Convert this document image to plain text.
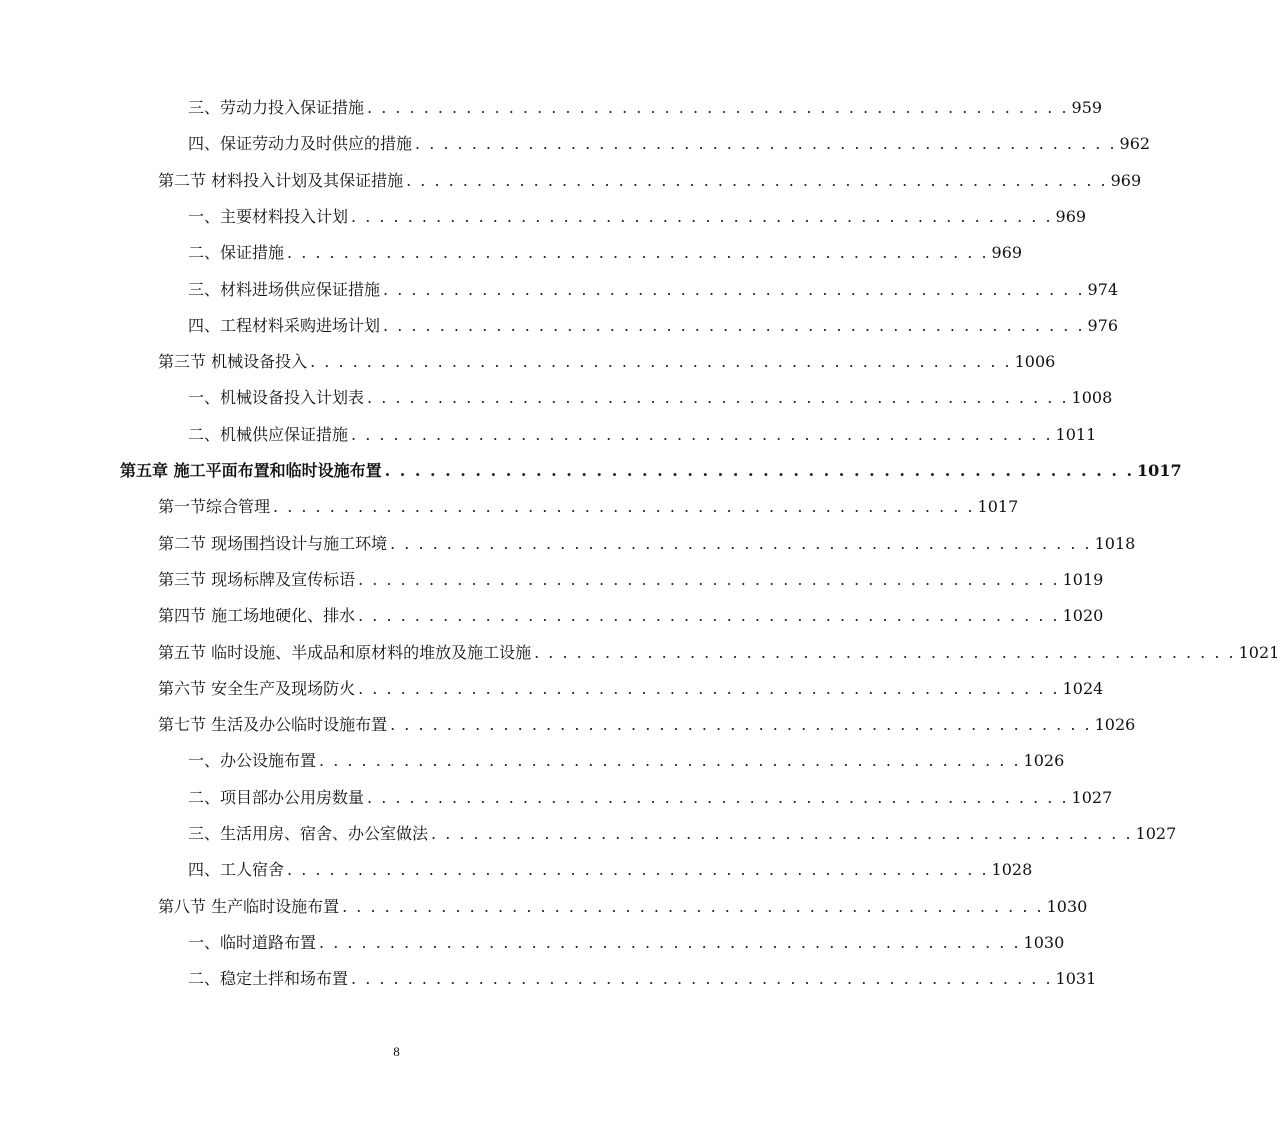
三、劳动力投入保证措施 . . . . . . . . . . . . . . . . . . . . . . . . . . . . . . . . . . . . . . . . . . . . . . . . . . 959
四、保证劳动力及时供应的措施 . . . . . . . . . . . . . . . . . . . . . . . . . . . . . . . . . . . . . . . . . . . . . . . . . . 962
第二节 材料投入计划及其保证措施 . . . . . . . . . . . . . . . . . . . . . . . . . . . . . . . . . . . . . . . . . . . . . . . . . . 969
一、主要材料投入计划 . . . . . . . . . . . . . . . . . . . . . . . . . . . . . . . . . . . . . . . . . . . . . . . . . . 969
二、保证措施 . . . . . . . . . . . . . . . . . . . . . . . . . . . . . . . . . . . . . . . . . . . . . . . . . . 969
三、材料进场供应保证措施 . . . . . . . . . . . . . . . . . . . . . . . . . . . . . . . . . . . . . . . . . . . . . . . . . . 974
四、工程材料采购进场计划 . . . . . . . . . . . . . . . . . . . . . . . . . . . . . . . . . . . . . . . . . . . . . . . . . . 976
第三节 机械设备投入 . . . . . . . . . . . . . . . . . . . . . . . . . . . . . . . . . . . . . . . . . . . . . . . . . . 1006
一、机械设备投入计划表 . . . . . . . . . . . . . . . . . . . . . . . . . . . . . . . . . . . . . . . . . . . . . . . . . . 1008
二、机械供应保证措施 . . . . . . . . . . . . . . . . . . . . . . . . . . . . . . . . . . . . . . . . . . . . . . . . . . 1011
第五章 施工平面布置和临时设施布置 . . . . . . . . . . . . . . . . . . . . . . . . . . . . . . . . . . . . . . . . . . . . . . . . . . 1017
第一节综合管理 . . . . . . . . . . . . . . . . . . . . . . . . . . . . . . . . . . . . . . . . . . . . . . . . . . 1017
第二节 现场围挡设计与施工环境 . . . . . . . . . . . . . . . . . . . . . . . . . . . . . . . . . . . . . . . . . . . . . . . . . . 1018
第三节 现场标牌及宣传标语 . . . . . . . . . . . . . . . . . . . . . . . . . . . . . . . . . . . . . . . . . . . . . . . . . . 1019
第四节 施工场地硬化、排水 . . . . . . . . . . . . . . . . . . . . . . . . . . . . . . . . . . . . . . . . . . . . . . . . . . 1020
第五节 临时设施、半成品和原材料的堆放及施工设施 . . . . . . . . . . . . . . . . . . . . . . . . . . . . . . . . . . . . . . . . . . . . . . . . . . 1021
第六节 安全生产及现场防火 . . . . . . . . . . . . . . . . . . . . . . . . . . . . . . . . . . . . . . . . . . . . . . . . . . 1024
第七节 生活及办公临时设施布置 . . . . . . . . . . . . . . . . . . . . . . . . . . . . . . . . . . . . . . . . . . . . . . . . . . 1026
一、办公设施布置 . . . . . . . . . . . . . . . . . . . . . . . . . . . . . . . . . . . . . . . . . . . . . . . . . . 1026
二、项目部办公用房数量 . . . . . . . . . . . . . . . . . . . . . . . . . . . . . . . . . . . . . . . . . . . . . . . . . . 1027
三、生活用房、宿舍、办公室做法 . . . . . . . . . . . . . . . . . . . . . . . . . . . . . . . . . . . . . . . . . . . . . . . . . . 1027
四、工人宿舍 . . . . . . . . . . . . . . . . . . . . . . . . . . . . . . . . . . . . . . . . . . . . . . . . . . 1028
第八节 生产临时设施布置 . . . . . . . . . . . . . . . . . . . . . . . . . . . . . . . . . . . . . . . . . . . . . . . . . . 1030
一、临时道路布置 . . . . . . . . . . . . . . . . . . . . . . . . . . . . . . . . . . . . . . . . . . . . . . . . . . 1030
二、稳定土拌和场布置 . . . . . . . . . . . . . . . . . . . . . . . . . . . . . . . . . . . . . . . . . . . . . . . . . . 1031
8
